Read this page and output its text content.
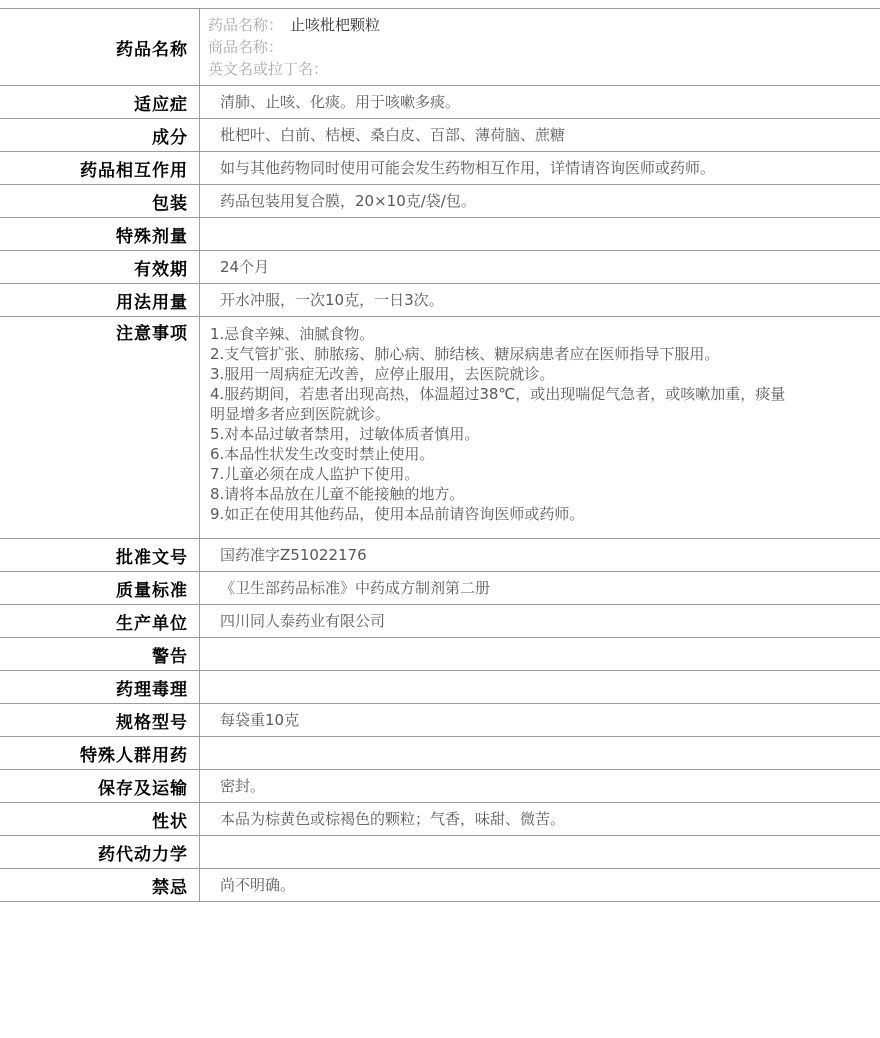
药品名称
药品名称： 止咳枇杷颗粒
商品名称：
英文名或拉丁名：
适应症	清肺、止咳、化痰。用于咳嗽多痰。
成分	枇杷叶、白前、桔梗、桑白皮、百部、薄荷脑、蔗糖
药品相互作用	如与其他药物同时使用可能会发生药物相互作用，详情请咨询医师或药师。
包装	药品包装用复合膜，20×10克/袋/包。
特殊剂量
有效期	24个月
用法用量	开水冲服，一次10克，一日3次。
注意事项	1.忌食辛辣、油腻食物。
2.支气管扩张、肺脓疡、肺心病、肺结核、糖尿病患者应在医师指导下服用。
3.服用一周病症无改善，应停止服用，去医院就诊。
4.服药期间，若患者出现高热，体温超过38℃，或出现喘促气急者，或咳嗽加重，痰量
明显增多者应到医院就诊。
5.对本品过敏者禁用，过敏体质者慎用。
6.本品性状发生改变时禁止使用。
7.儿童必须在成人监护下使用。
8.请将本品放在儿童不能接触的地方。
9.如正在使用其他药品，使用本品前请咨询医师或药师。
批准文号	国药准字Z51022176
质量标准	《卫生部药品标准》中药成方制剂第二册
生产单位	四川同人泰药业有限公司
警告
药理毒理
规格型号	每袋重10克
特殊人群用药
保存及运输	密封。
性状	本品为棕黄色或棕褐色的颗粒；气香，味甜、微苦。
药代动力学
禁忌	尚不明确。
